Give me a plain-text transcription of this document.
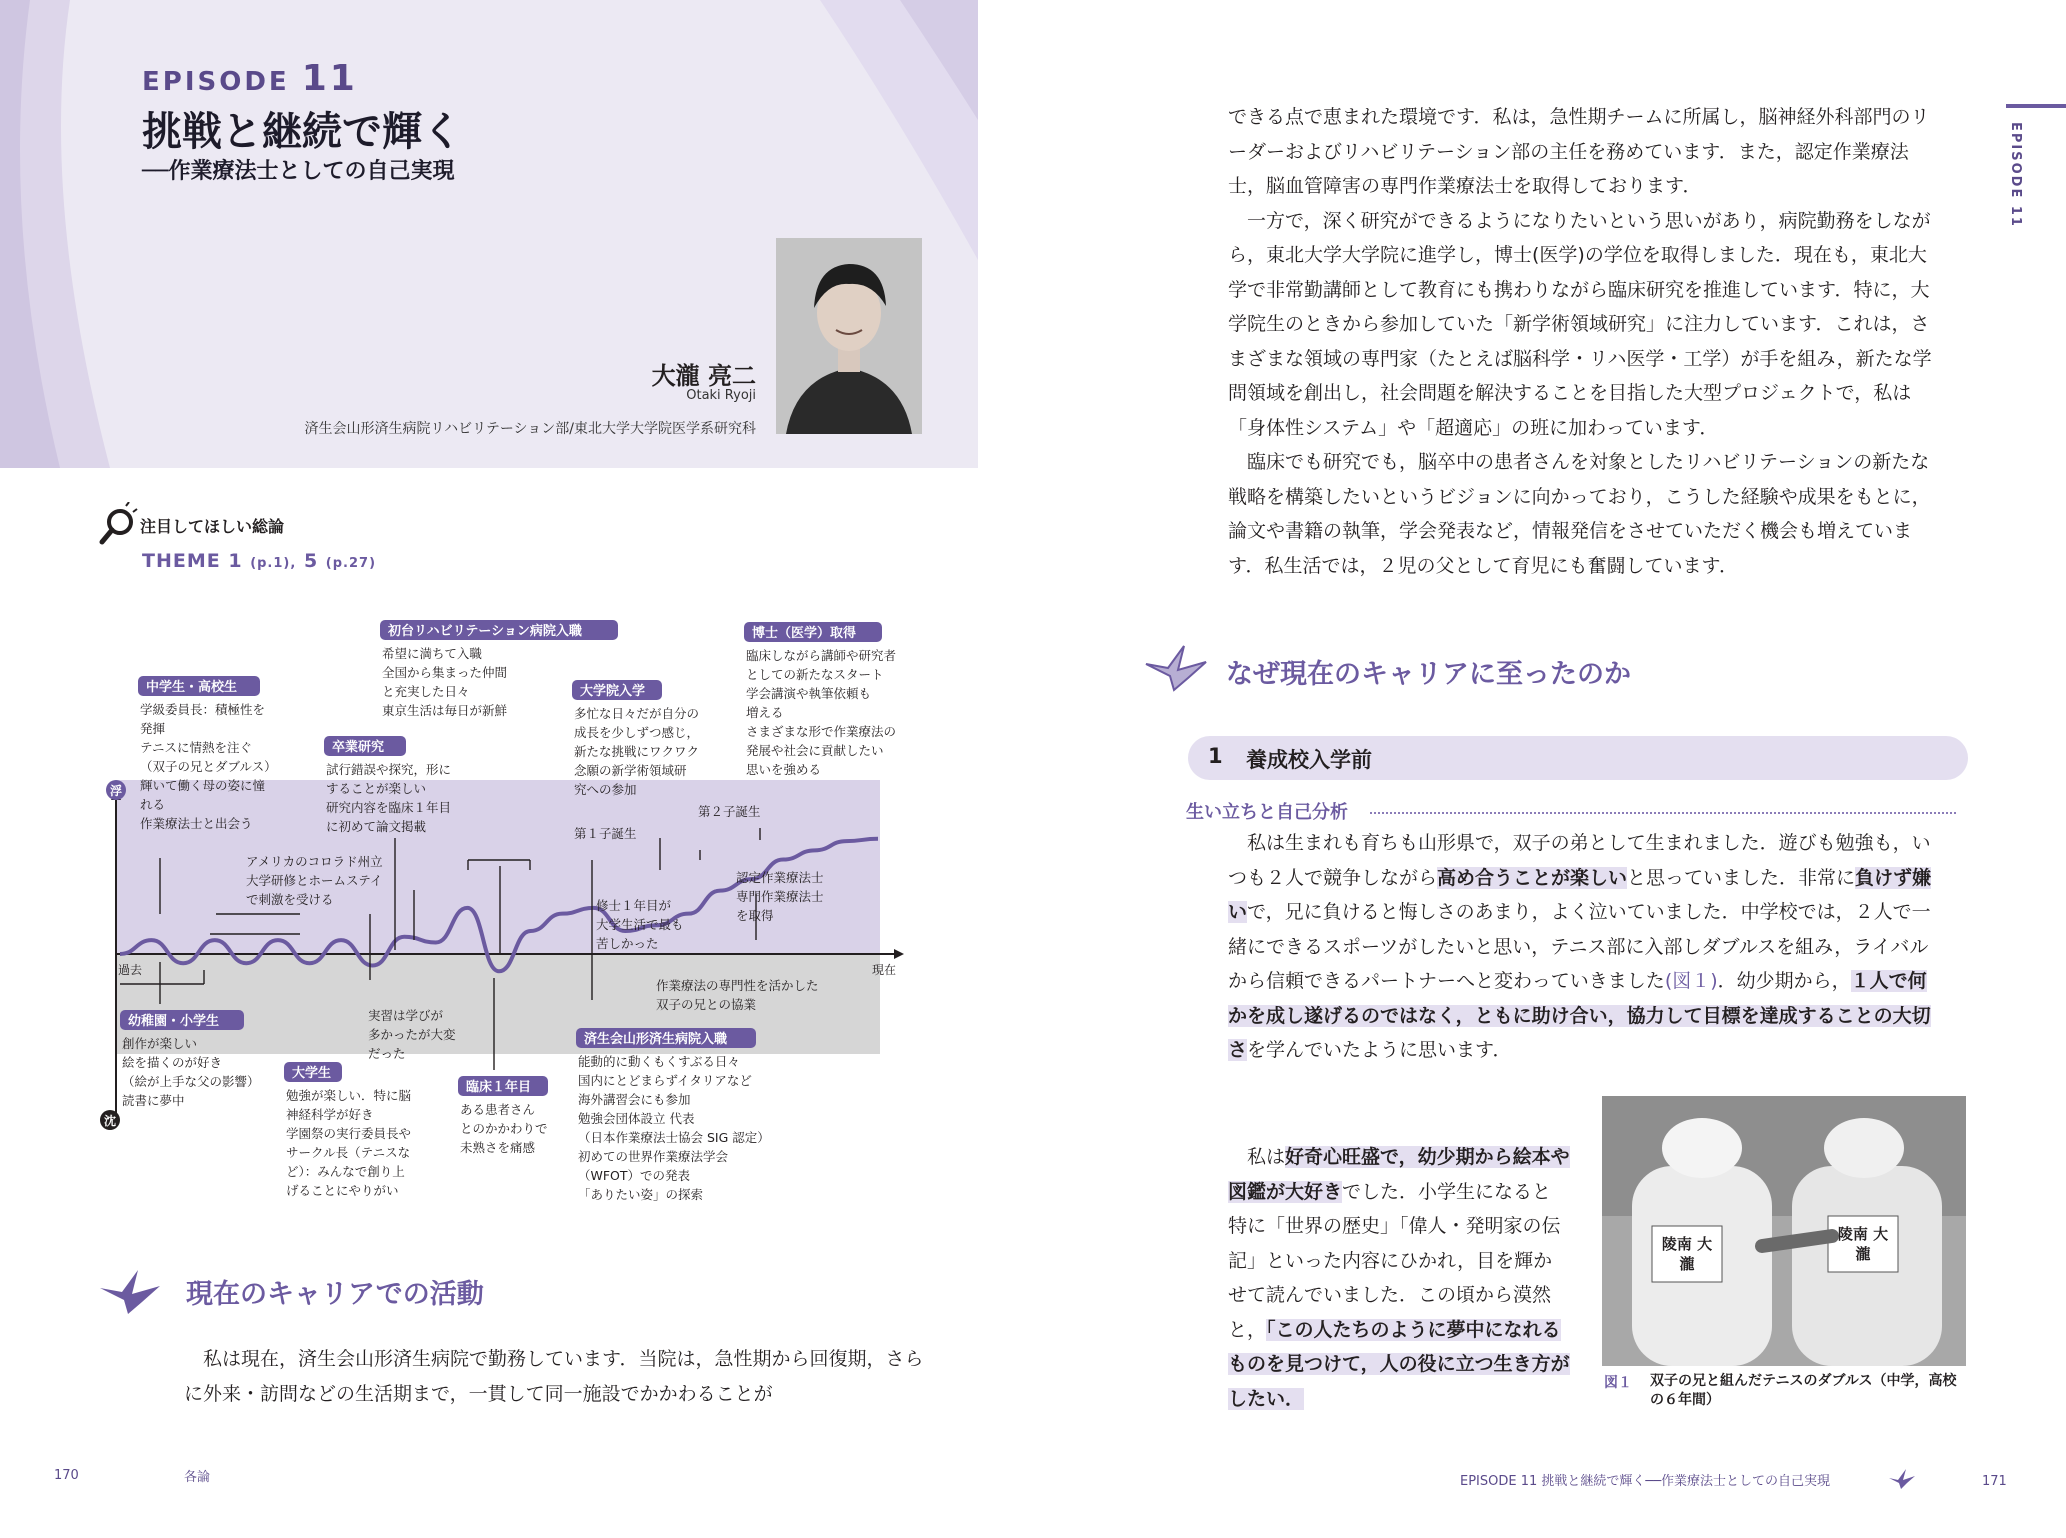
EPISODE 11
挑戦と継続で輝く
──作業療法士としての自己実現
大瀧 亮二
Otaki Ryoji
済生会山形済生病院リハビリテーション部/東北大学大学院医学系研究科
注目してほしい総論
THEME 1 (p.1), 5 (p.27)
浮
沈
過去	現在
中学生・高校生
学級委員長：積極性を
発揮
テニスに情熱を注ぐ
（双子の兄とダブルス）
輝いて働く母の姿に憧
れる
作業療法士と出会う
卒業研究
試行錯誤や探究，形に
することが楽しい
研究内容を臨床１年目
に初めて論文掲載
初台リハビリテーション病院入職
希望に満ちて入職
全国から集まった仲間
と充実した日々
東京生活は毎日が新鮮
大学院入学
多忙な日々だが自分の
成長を少しずつ感じ，
新たな挑戦にワクワク
念願の新学術領域研
究への参加
博士（医学）取得
臨床しながら講師や研究者
としての新たなスタート
学会講演や執筆依頼も
増える
さまざまな形で作業療法の
発展や社会に貢献したい
思いを強める
幼稚園・小学生
創作が楽しい
絵を描くのが好き
（絵が上手な父の影響）
読書に夢中
大学生
勉強が楽しい．特に脳
神経科学が好き
学園祭の実行委員長や
サークル長（テニスな
ど）：みんなで創り上
げることにやりがい
臨床１年目
ある患者さん
とのかかわりで
未熟さを痛感
済生会山形済生病院入職
能動的に動くもくすぶる日々
国内にとどまらずイタリアなど
海外講習会にも参加
勉強会団体設立 代表
（日本作業療法士協会 SIG 認定）
初めての世界作業療法学会
（WFOT）での発表
「ありたい姿」の探索
アメリカのコロラド州立
大学研修とホームステイ
で刺激を受ける
実習は学びが
多かったが大変
だった
第１子誕生
第２子誕生
修士１年目が
大学生活で最も
苦しかった
認定作業療法士
専門作業療法士
を取得
作業療法の専門性を活かした
双子の兄との協業
現在のキャリアでの活動

私は現在，済生会山形済生病院で勤務しています．当院は，急性期から回復期，さらに外来・訪問などの生活期まで，一貫して同一施設でかかわることが

170	各論
EPISODE 11

できる点で恵まれた環境です．私は，急性期チームに所属し，脳神経外科部門のリーダーおよびリハビリテーション部の主任を務めています．また，認定作業療法士，脳血管障害の専門作業療法士を取得しております．

一方で，深く研究ができるようになりたいという思いがあり，病院勤務をしながら，東北大学大学院に進学し，博士(医学)の学位を取得しました．現在も，東北大学で非常勤講師として教育にも携わりながら臨床研究を推進しています．特に，大学院生のときから参加していた「新学術領域研究」に注力しています．これは，さまざまな領域の専門家（たとえば脳科学・リハ医学・工学）が手を組み，新たな学問領域を創出し，社会問題を解決することを目指した大型プロジェクトで，私は「身体性システム」や「超適応」の班に加わっています．

臨床でも研究でも，脳卒中の患者さんを対象としたリハビリテーションの新たな戦略を構築したいというビジョンに向かっており，こうした経験や成果をもとに，論文や書籍の執筆，学会発表など，情報発信をさせていただく機会も増えています．私生活では，２児の父として育児にも奮闘しています．

なぜ現在のキャリアに至ったのか
1 養成校入学前
生い立ちと自己分析

私は生まれも育ちも山形県で，双子の弟として生まれました．遊びも勉強も，いつも２人で競争しながら高め合うことが楽しいと思っていました．非常に負けず嫌いで，兄に負けると悔しさのあまり，よく泣いていました．中学校では，２人で一緒にできるスポーツがしたいと思い，テニス部に入部しダブルスを組み，ライバルから信頼できるパートナーへと変わっていきました(図１)．幼少期から，１人で何かを成し遂げるのではなく，ともに助け合い，協力して目標を達成することの大切さを学んでいたように思います．

私は好奇心旺盛で，幼少期から絵本や図鑑が大好きでした．小学生になると特に「世界の歴史」「偉人・発明家の伝記」といった内容にひかれ，目を輝かせて読んでいました．この頃から漠然と，「この人たちのように夢中になれるものを見つけて，人の役に立つ生き方がしたい．

陵南 大瀧
陵南 大瀧
図１ 双子の兄と組んだテニスのダブルス（中学，高校の６年間）
EPISODE 11 挑戦と継続で輝く──作業療法士としての自己実現	171
